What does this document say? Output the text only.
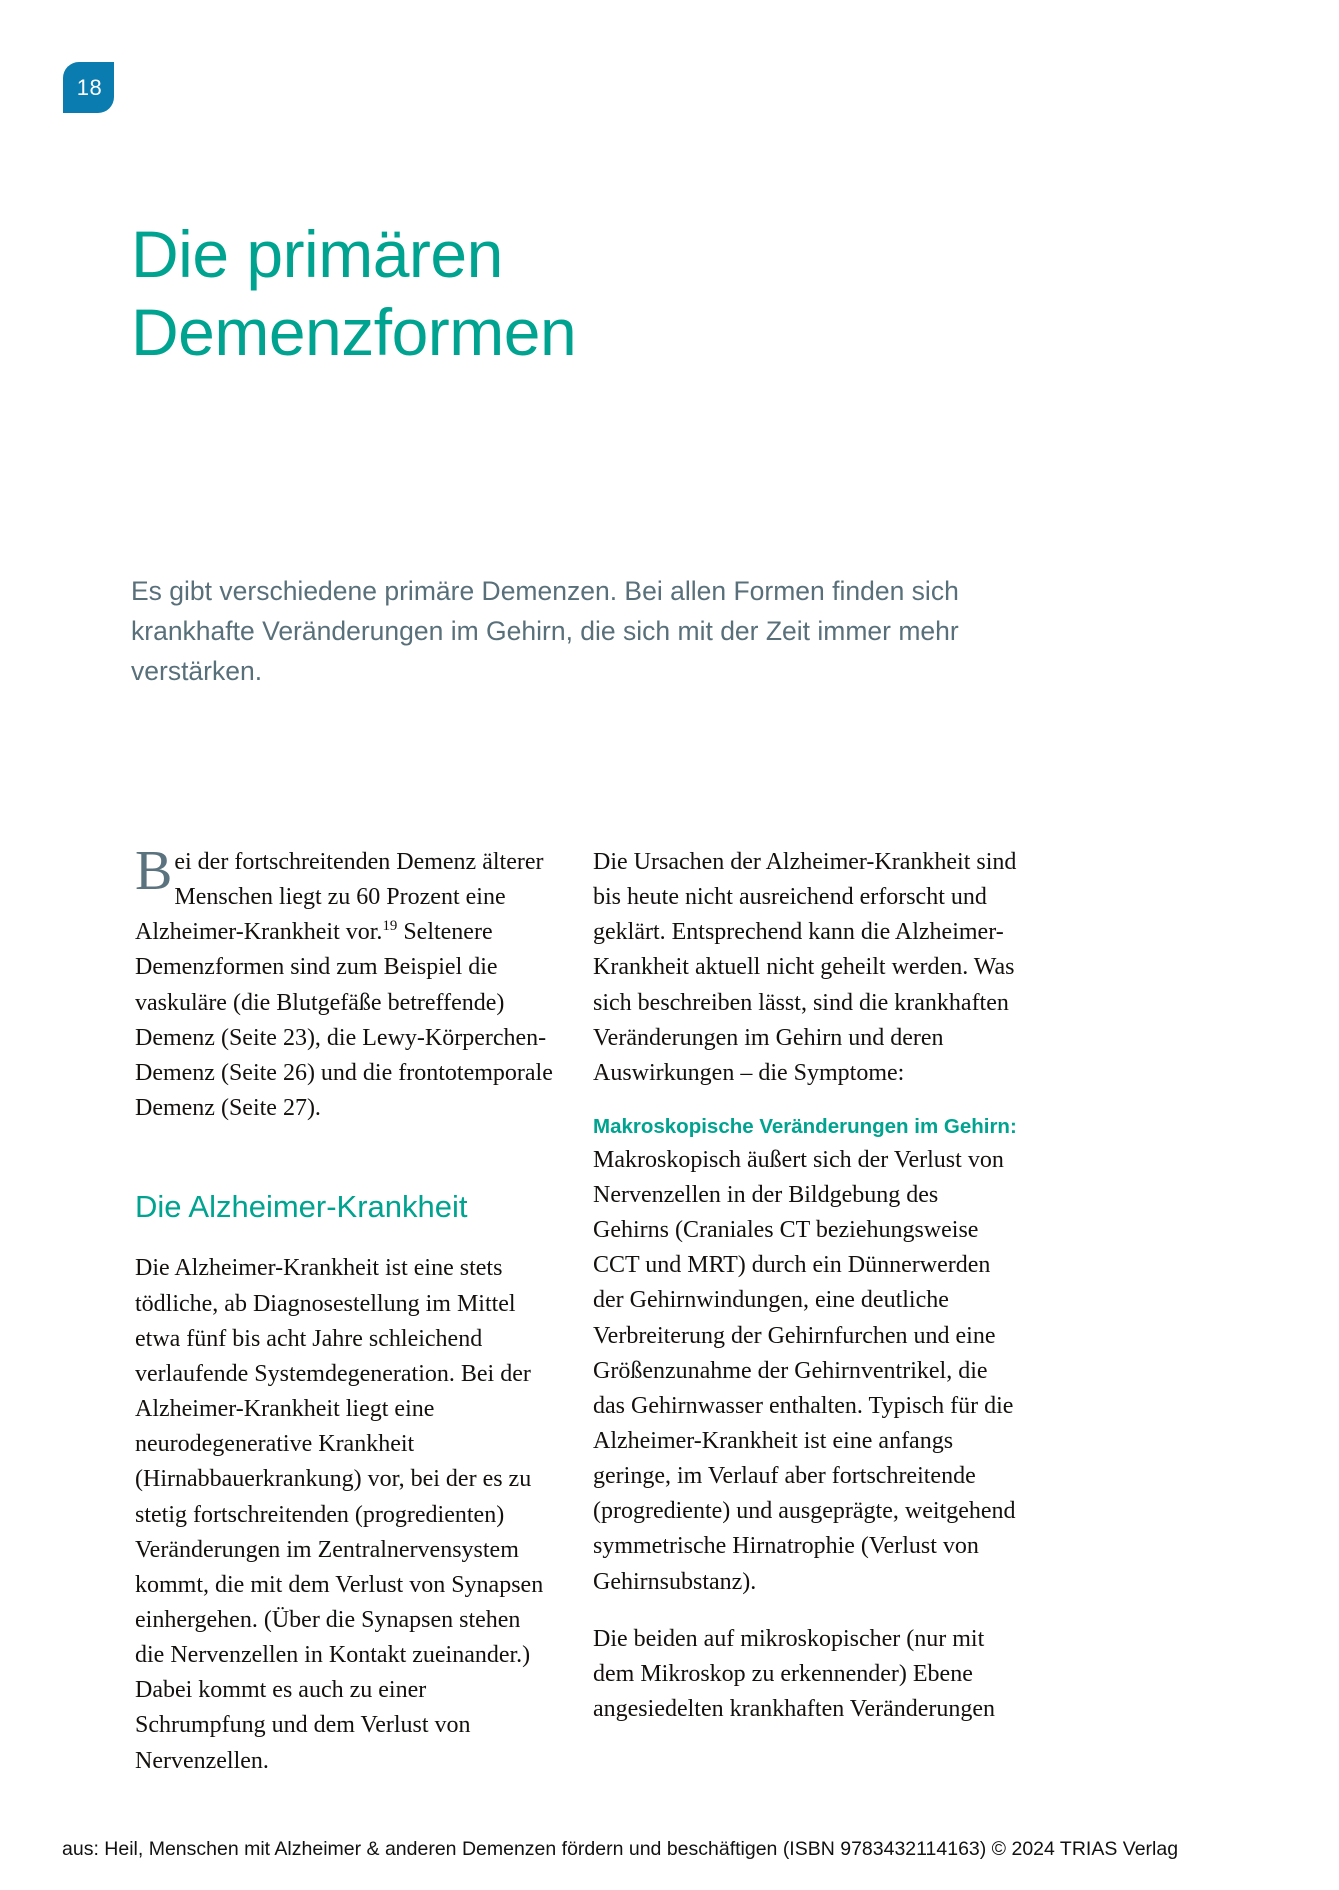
18
Die primären
Demenzformen

Es gibt verschiedene primäre Demenzen. Bei allen Formen finden sich krankhafte Veränderungen im Gehirn, die sich mit der Zeit immer mehr verstärken.

Bei der fortschreitenden Demenz älterer Menschen liegt zu 60 Prozent eine Alzheimer-Krankheit vor.$^{19}$ Seltenere Demenzformen sind zum Beispiel die vaskuläre (die Blutgefäße betreffende) Demenz (Seite 23), die Lewy-Körperchen-Demenz (Seite 26) und die frontotemporale Demenz (Seite 27).

Die Alzheimer-Krankheit

Die Alzheimer-Krankheit ist eine stets tödliche, ab Diagnosestellung im Mittel etwa fünf bis acht Jahre schleichend verlaufende Systemdegeneration. Bei der Alzheimer-Krankheit liegt eine neurodegenerative Krankheit (Hirnabbauerkrankung) vor, bei der es zu stetig fortschreitenden (progredienten) Veränderungen im Zentralnervensystem kommt, die mit dem Verlust von Synapsen einhergehen. (Über die Synapsen stehen die Nervenzellen in Kontakt zueinander.) Dabei kommt es auch zu einer Schrumpfung und dem Verlust von Nervenzellen.

Die Ursachen der Alzheimer-Krankheit sind bis heute nicht ausreichend erforscht und geklärt. Entsprechend kann die Alzheimer-Krankheit aktuell nicht geheilt werden. Was sich beschreiben lässt, sind die krankhaften Veränderungen im Gehirn und deren Auswirkungen – die Symptome:

Makroskopische Veränderungen im Gehirn:
Makroskopisch äußert sich der Verlust von Nervenzellen in der Bildgebung des Gehirns (Craniales CT beziehungsweise CCT und MRT) durch ein Dünnerwerden der Gehirnwindungen, eine deutliche Verbreiterung der Gehirnfurchen und eine Größenzunahme der Gehirnventrikel, die das Gehirnwasser enthalten. Typisch für die Alzheimer-Krankheit ist eine anfangs geringe, im Verlauf aber fortschreitende (progrediente) und ausgeprägte, weitgehend symmetrische Hirnatrophie (Verlust von Gehirnsubstanz).

Die beiden auf mikroskopischer (nur mit dem Mikroskop zu erkennender) Ebene angesiedelten krankhaften Veränderungen

aus: Heil, Menschen mit Alzheimer & anderen Demenzen fördern und beschäftigen (ISBN 9783432114163) © 2024 TRIAS Verlag
